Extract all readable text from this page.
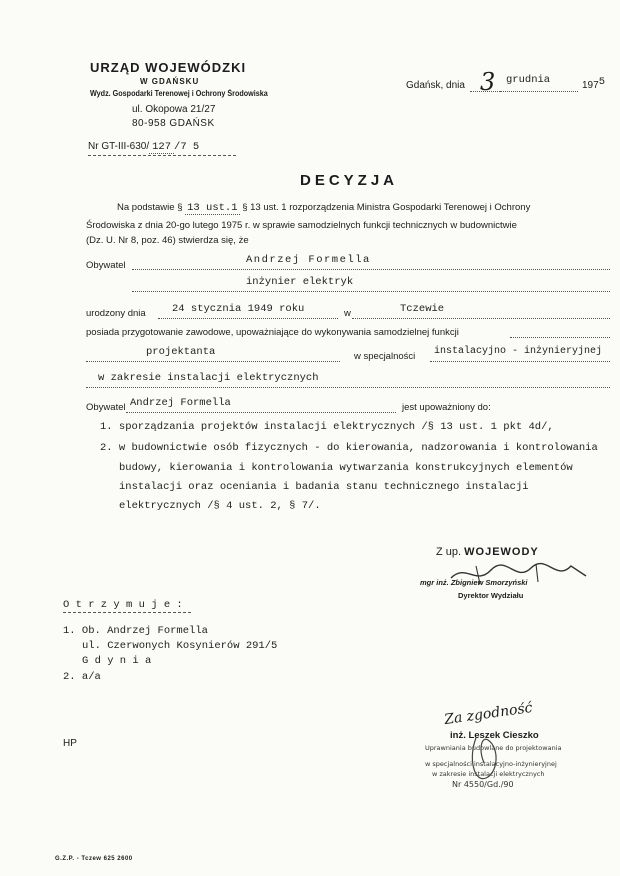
URZĄD WOJEWÓDZKI
W GDAŃSKU
Wydz. Gospodarki Terenowej i Ochrony Środowiska
ul. Okopowa 21/27
80-958 GDAŃSK
Nr GT-III-630/ 127 /7 5
Gdańsk, dnia 3 grudnia	1975
DECYZJA
Na podstawie § 13 ust.1 § 13 ust. 1 rozporządzenia Ministra Gospodarki Terenowej i Ochrony
Środowiska z dnia 20-go lutego 1975 r. w sprawie samodzielnych funkcji technicznych w budownictwie
(Dz. U. Nr 8, poz. 46) stwierdza się, że
Obywatel	Andrzej Formella
inżynier elektryk
urodzony dnia	24 stycznia 1949 roku	w	Tczewie
posiada przygotowanie zawodowe, upoważniające do wykonywania samodzielnej funkcji
projektanta	w specjalności instalacyjno - inżynieryjnej
w zakresie instalacji elektrycznych
Obywatel Andrzej Formella	jest upoważniony do:
1. sporządzania projektów instalacji elektrycznych /§ 13 ust. 1 pkt 4d/,
2. w budownictwie osób fizycznych - do kierowania, nadzorowania i kontrolowania
budowy, kierowania i kontrolowania wytwarzania konstrukcyjnych elementów
instalacji oraz oceniania i badania stanu technicznego instalacji
elektrycznych /§ 4 ust. 2, § 7/.
Z up. WOJEWODY
mgr inż. Zbigniew Smorzyński
Dyrektor Wydziału
O t r z y m u j e :
1. Ob. Andrzej Formella
ul. Czerwonych Kosynierów 291/5
G d y n i a
2. a/a
Za zgodność
inż. Leszek Cieszko
Uprawniania budowlane do projektowania
w specjalności instalacyjno-inżynieryjnej
w zakresie instalacji elektrycznych
Nr 4550/Gd./90
HP
G.Z.P. - Tczew 625 2600
